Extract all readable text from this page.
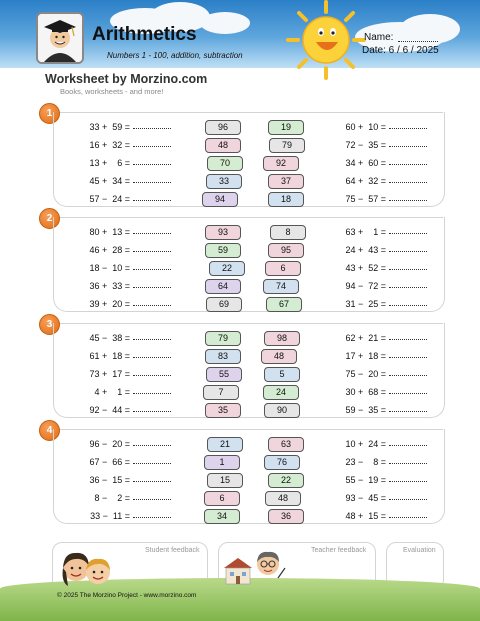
Arithmetics
Numbers 1 - 100, addition, subtraction
Name:
Date: 6 / 6 / 2025
Worksheet by Morzino.com
Books, worksheets - and more!
1
33 +  59 =	60 +  10 =
96	19
16 +  32 =	72 −  35 =
48	79
13 +    6 =	34 +  60 =
70	92
45 +  34 =	64 +  32 =
33	37
57 −  24 =	75 −  57 =
94	18
2
80 +  13 =	63 +    1 =
93	8
46 +  28 =	24 +  43 =
59	95
18 −  10 =	43 +  52 =
22	6
36 +  33 =	94 −  72 =
64	74
39 +  20 =	31 −  25 =
69	67
3
45 −  38 =	62 +  21 =
79	98
61 +  18 =	17 +  18 =
83	48
73 +  17 =	75 −  20 =
55	5
4 +    1 =	30 +  68 =
7	24
92 −  44 =	59 −  35 =
35	90
4
96 −  20 =	10 +  24 =
21	63
67 −  66 =	23 −    8 =
1	76
36 −  15 =	55 −  19 =
15	22
8 −    2 =	93 −  45 =
6	48
33 −  11 =	48 +  15 =
34	36
Student feedback	Teacher feedback	Evaluation
© 2025 The Morzino Project - www.morzino.com
